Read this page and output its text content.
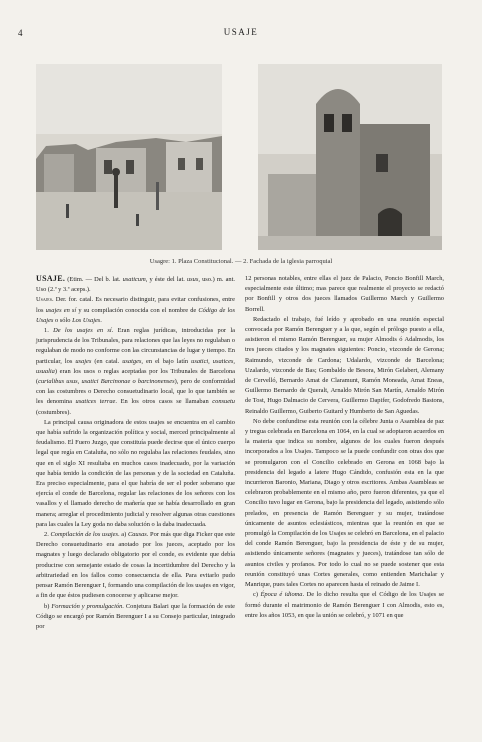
4	USAJE
Usagre: 1. Plaza Constitucional. — 2. Fachada de la iglesia parroquial

USAJE. (Etim. — Del b. lat. usaticum, y éste del lat. usus, uso.) m. ant. Uso (2.ª y 3.ª aceps.).

Usajes. Der. for. catal. Es necesario distinguir, para evitar confusiones, entre los usajes en sí y su compilación conocida con el nombre de Código de los Usajes o sólo Los Usajes.

1. De los usajes en sí. Eran reglas jurídicas, introducidas por la jurisprudencia de los Tribunales, para relaciones que las leyes no regulaban o regulaban de modo no conforme con las circunstancias de lugar y tiempo. En particular, los usajes (en catal. usatges, en el bajo latín usatici, usatices, usualia) eran los usos o reglas aceptadas por los Tribunales de Barcelona (curialibus usus, usatici Barcinonae o barcinonenses), pero de conformidad con las costumbres o Derecho consuetudinario local, que lo que también se les denomina usatices terrae. En los otros casos se llamaban consuetu (costumbres).

La principal causa originadora de estos usajes se encuentra en el cambio que había sufrido la organización política y social, merced principalmente al feudalismo. El Fuero Juzgo, que constituía puede decirse que el único cuerpo legal que regía en Cataluña, no sólo no regulaba las relaciones feudales, sino que en el siglo XI resultaba en muchos casos inadecuado, por la variación que había tenido la condición de las personas y de la sociedad en Cataluña. Era preciso especialmente, para el que habría de ser el poder soberano que ejercía el conde de Barcelona, regular las relaciones de los señores con los vasallos y el llamado derecho de mañería que se había desarrollado en gran manera; arreglar el procedimiento judicial y resolver algunas otras cuestiones para las cuales la Ley goda no daba solución o la daba inadecuada.

2. Compilación de los usajes. a) Causas. Por más que diga Ficker que este Derecho consuetudinario era anotado por los jueces, aceptado por los magnates y luego declarado obligatorio por el conde, es evidente que debía producirse con semejante estado de cosas la incertidumbre del Derecho y la arbitrariedad en los fallos como consecuencia de ella. Para evitarlo pudo pensar Ramón Berenguer I, formando una compilación de los usajes en vigor, a fin de que éstos pudiesen conocerse y aplicarse mejor.

b) Formación y promulgación. Conjetura Balari que la formación de este Código se encargó por Ramón Berenguer I a su Consejo particular, integrado por

12 personas notables, entre ellas el juez de Palacio, Poncio Bonfill March, especialmente este último; mas parece que realmente el proyecto se redactó por Bonfill y otros dos jueces llamados Guillermo March y Guillermo Borrell.

Redactado el trabajo, fué leído y aprobado en una reunión especial convocada por Ramón Berenguer y a la que, según el prólogo puesto a ella, asistieron el mismo Ramón Berenguer, su mujer Almodis ó Adalmodis, los tres jueces citados y los magnates siguientes: Poncio, vizconde de Gerona; Raimundo, vizconde de Cardona; Udalardo, vizconde de Barcelona; Uzalardo, vizconde de Bas; Gombaldo de Besora, Mirón Gelabert, Alemany de Cervelló, Bernardo Amat de Claramunt, Ramón Moneada, Amat Eneas, Guillermo Bernardo de Queralt, Arnaldo Mirón San Martín, Arnaldo Mirón de Tost, Hugo Dalmacio de Cervera, Guillermo Dapifer, Godofredo Bastons, Reinaldo Guillermo, Guiberto Guitard y Humberto de San Aguedas.

No debe confundirse esta reunión con la célebre Junta o Asamblea de paz y tregua celebrada en Barcelona en 1064, en la cual se adoptaron acuerdos en la materia que indica su nombre, algunos de los cuales fueron después incorporados a los Usajes. Tampoco se la puede confundir con otras dos que se promulgaron con el Concilio celebrado en Gerona en 1068 bajo la presidencia del legado a latere Hugo Cándido, confusión esta en la que incurrieron Baronio, Mariana, Diago y otros escritores. Ambas Asambleas se celebraron probablemente en el mismo año, pero fueron diferentes, ya que el Concilio tuvo lugar en Gerona, bajo la presidencia del legado, asistiendo sólo prelados, en presencia de Ramón Berenguer y su mujer, tratándose únicamente de asuntos eclesiásticos, mientras que la reunión en que se promulgó la Compilación de los Usajes se celebró en Barcelona, en el palacio del conde Ramón Berenguer, bajo la presidencia de éste y de su mujer, asistiendo únicamente señores (magnates y jueces), tratándose tan sólo de asuntos civiles y profanos. Por todo lo cual no se puede sostener que esta reunión constituyó unas Cortes generales, como entienden Marichalar y Manrique, pues tales Cortes no aparecen hasta el reinado de Jaime I.

c) Época é idioma. De lo dicho resulta que el Código de los Usajes se formó durante el matrimonio de Ramón Berenguer I con Almodis, esto es, entre los años 1053, en que la unión se celebró, y 1071 en que
